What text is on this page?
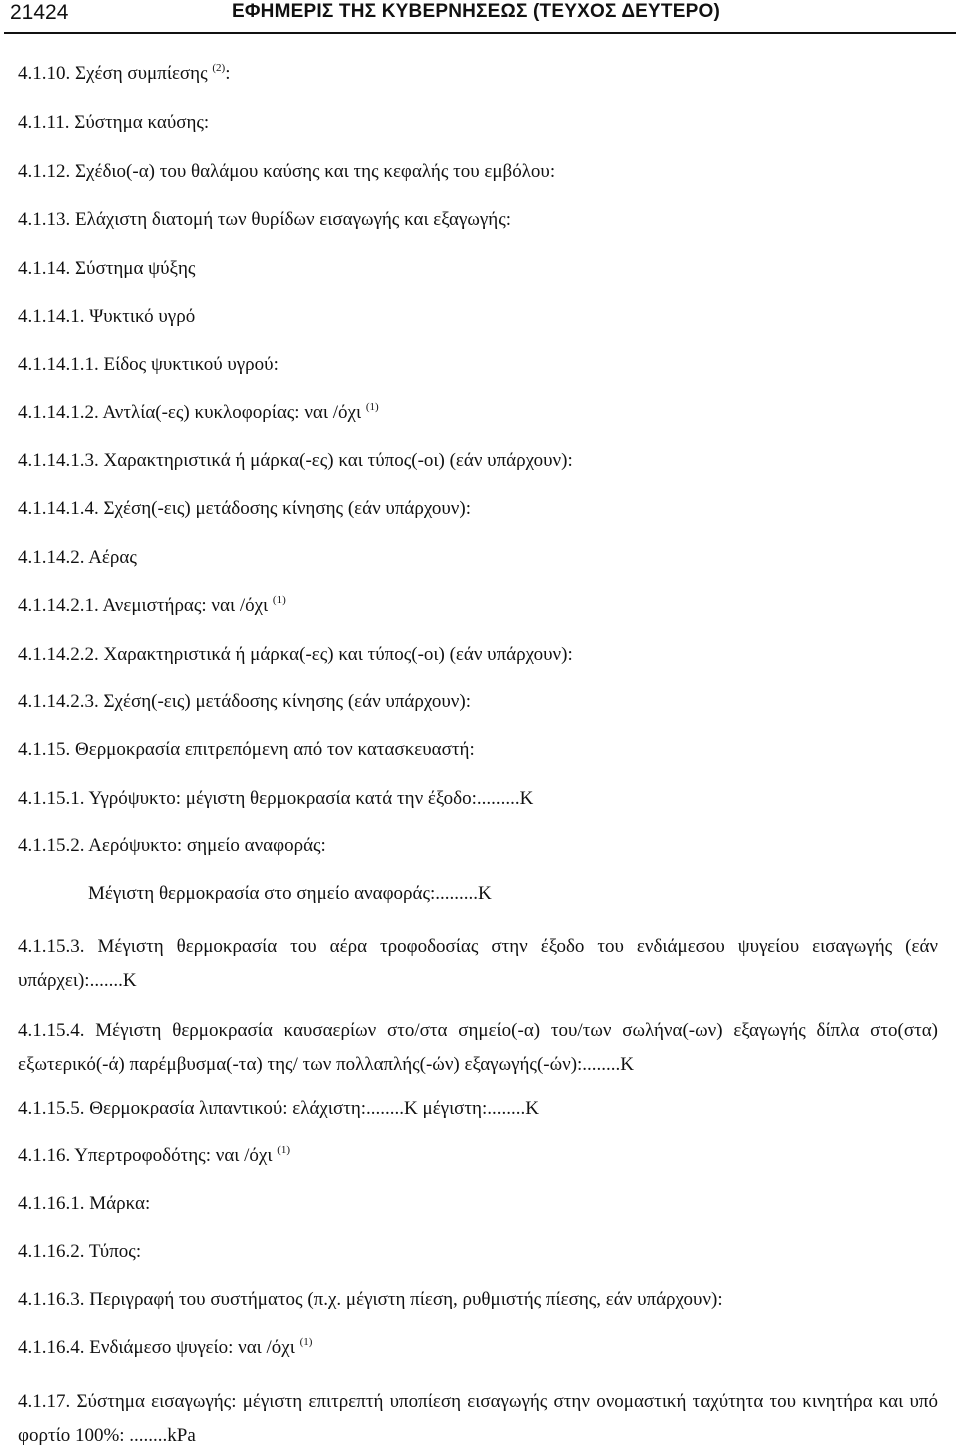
21424	ΕΦΗΜΕΡΙΣ ΤΗΣ ΚΥΒΕΡΝΗΣΕΩΣ (ΤΕΥΧΟΣ ΔΕΥΤΕΡΟ)
4.1.10. Σχέση συμπίεσης $^{(2)}$:
4.1.11. Σύστημα καύσης:
4.1.12. Σχέδιο(-α) του θαλάμου καύσης και της κεφαλής του εμβόλου:
4.1.13. Ελάχιστη διατομή των θυρίδων εισαγωγής και εξαγωγής:
4.1.14. Σύστημα ψύξης
4.1.14.1. Ψυκτικό υγρό
4.1.14.1.1. Είδος ψυκτικού υγρού:
4.1.14.1.2. Αντλία(-ες) κυκλοφορίας: ναι /όχι $^{(1)}$
4.1.14.1.3. Χαρακτηριστικά ή μάρκα(-ες) και τύπος(-οι) (εάν υπάρχουν):
4.1.14.1.4. Σχέση(-εις) μετάδοσης κίνησης (εάν υπάρχουν):
4.1.14.2. Αέρας
4.1.14.2.1. Ανεμιστήρας: ναι /όχι $^{(1)}$
4.1.14.2.2. Χαρακτηριστικά ή μάρκα(-ες) και τύπος(-οι) (εάν υπάρχουν):
4.1.14.2.3. Σχέση(-εις) μετάδοσης κίνησης (εάν υπάρχουν):
4.1.15. Θερμοκρασία επιτρεπόμενη από τον κατασκευαστή:
4.1.15.1. Υγρόψυκτο: μέγιστη θερμοκρασία κατά την έξοδο:.........K
4.1.15.2. Αερόψυκτο: σημείο αναφοράς:
Μέγιστη θερμοκρασία στο σημείο αναφοράς:.........K
4.1.15.3. Μέγιστη θερμοκρασία του αέρα τροφοδοσίας στην έξοδο του ενδιάμεσου ψυγείου εισαγωγής (εάν υπάρχει):.......K
4.1.15.4. Μέγιστη θερμοκρασία καυσαερίων στο/στα σημείο(-α) του/των σωλήνα(-ων) εξαγωγής δίπλα στο(στα) εξωτερικό(-ά) παρέμβυσμα(-τα) της/ των πολλαπλής(-ών) εξαγωγής(-ών):........K
4.1.15.5. Θερμοκρασία λιπαντικού: ελάχιστη:........K μέγιστη:........K
4.1.16. Υπερτροφοδότης: ναι /όχι $^{(1)}$
4.1.16.1. Μάρκα:
4.1.16.2. Τύπος:
4.1.16.3. Περιγραφή του συστήματος (π.χ. μέγιστη πίεση, ρυθμιστής πίεσης, εάν υπάρχουν):
4.1.16.4. Ενδιάμεσο ψυγείο: ναι /όχι $^{(1)}$
4.1.17. Σύστημα εισαγωγής: μέγιστη επιτρεπτή υποπίεση εισαγωγής στην ονομαστική ταχύτητα του κινητήρα και υπό φορτίο 100%: ........kPa
